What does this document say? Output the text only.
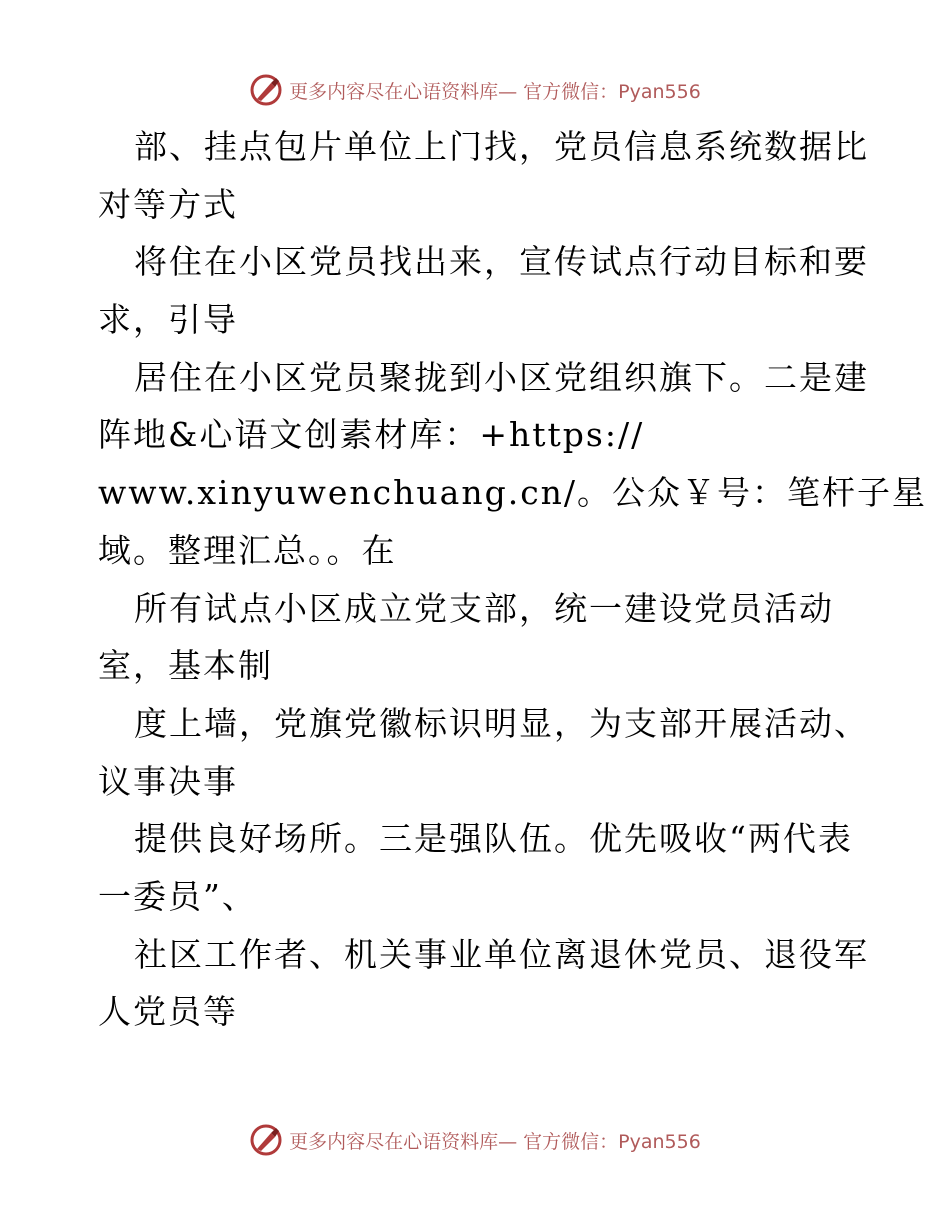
更多内容尽在心语资料库— 官方微信：Pyan556
部、挂点包片单位上门找，党员信息系统数据比
对等方式
将住在小区党员找出来，宣传试点行动目标和要
求，引导
居住在小区党员聚拢到小区党组织旗下。二是建
阵地&心语文创素材库：+https://
www.xinyuwenchuang.cn/。公众￥号：笔杆子星
域。整理汇总。。在
所有试点小区成立党支部，统一建设党员活动
室，基本制
度上墙，党旗党徽标识明显，为支部开展活动、
议事决事
提供良好场所。三是强队伍。优先吸收“两代表
一委员”、
社区工作者、机关事业单位离退休党员、退役军
人党员等
更多内容尽在心语资料库— 官方微信：Pyan556
